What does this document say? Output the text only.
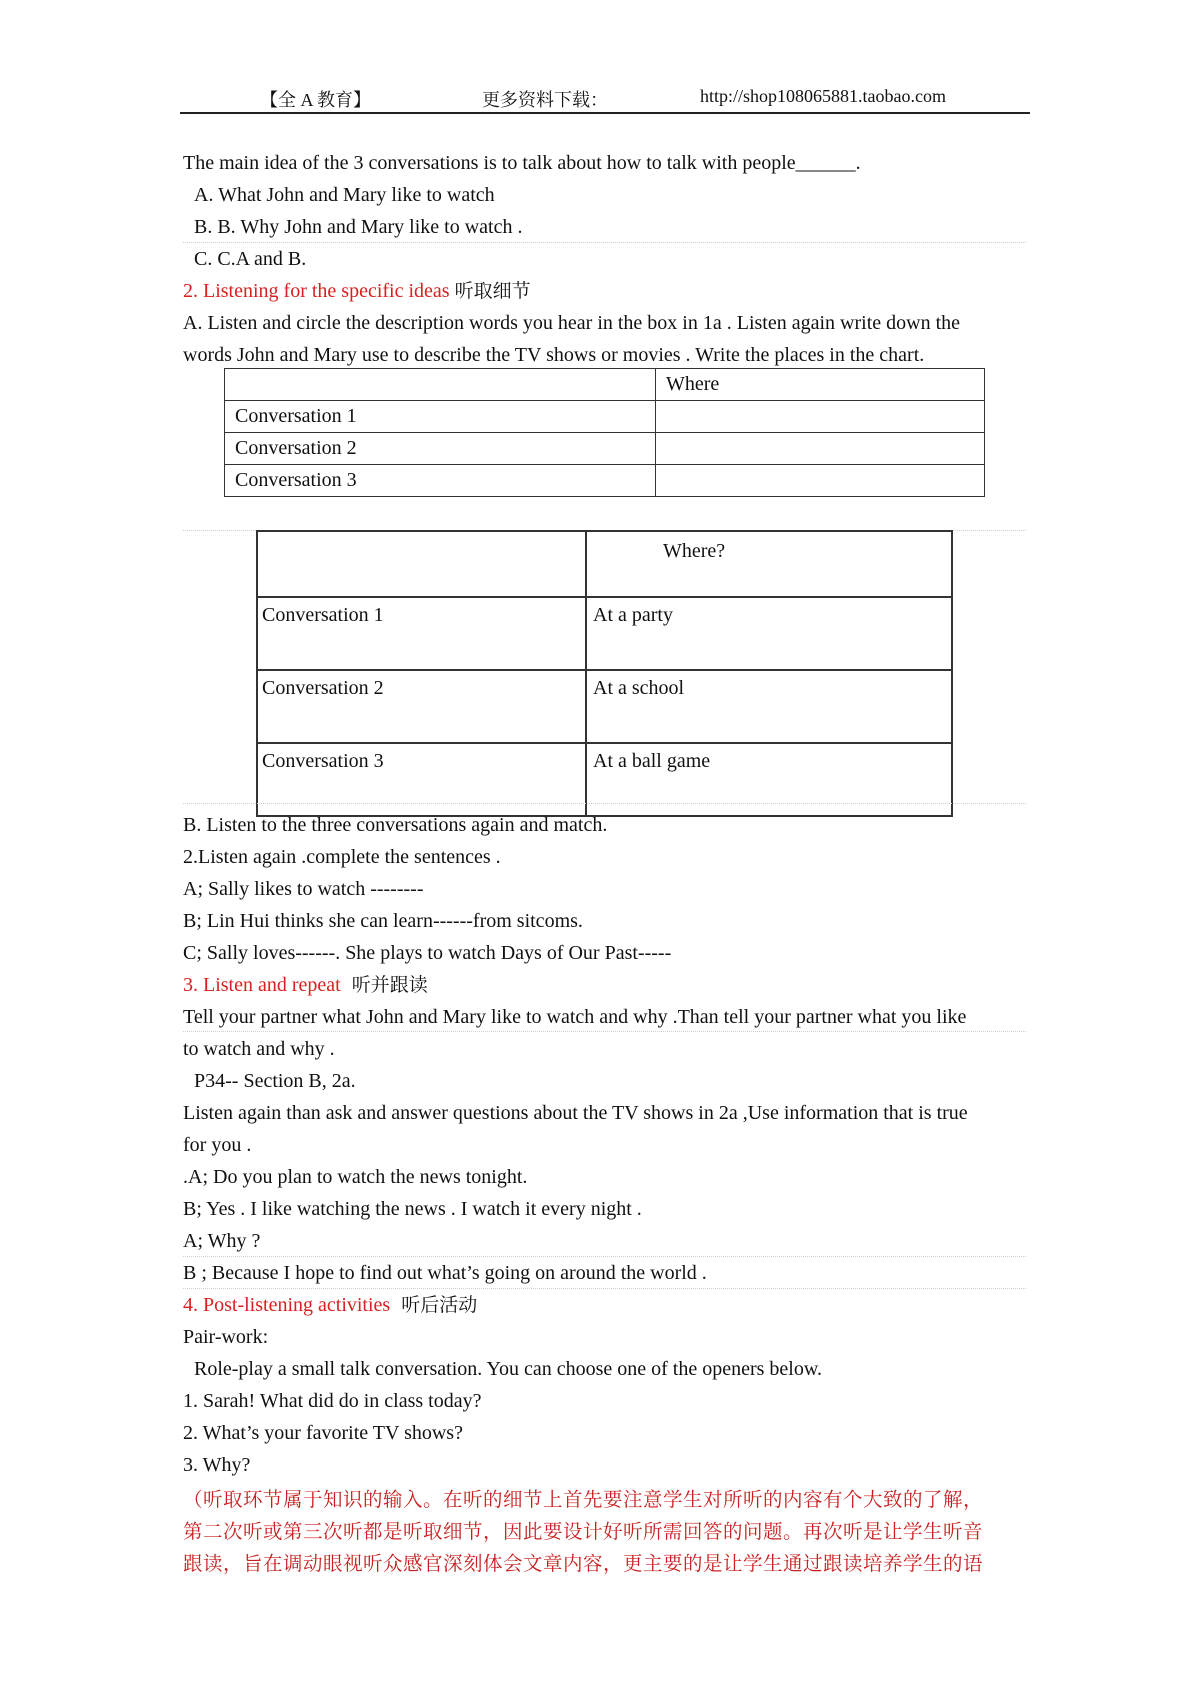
【全 A 教育】	更多资料下载：	http://shop108065881.taobao.com
The main idea of the 3 conversations is to talk about how to talk with people______.
A. What John and Mary like to watch
B. B. Why John and Mary like to watch .
C. C.A and B.
2. Listening for the specific ideas 听取细节
A. Listen and circle the description words you hear in the box in 1a . Listen again write down the
words John and Mary use to describe the TV shows or movies . Write the places in the chart.
	Where
Conversation 1	
Conversation 2	
Conversation 3	

	Where?

Conversation 1	At a party
Conversation 2	At a school
Conversation 3	At a ball game
B. Listen to the three conversations again and match.
2.Listen again .complete the sentences .
A; Sally likes to watch --------
B; Lin Hui thinks she can learn------from sitcoms.
C; Sally loves------. She plays to watch Days of Our Past-----
3. Listen and repeat 听并跟读
Tell your partner what John and Mary like to watch and why .Than tell your partner what you like
to watch and why .
P34-- Section B, 2a.
Listen again than ask and answer questions about the TV shows in 2a ,Use information that is true
for you .
.A; Do you plan to watch the news tonight.
B; Yes . I like watching the news . I watch it every night .
A; Why ?
B ; Because I hope to find out what’s going on around the world .
4. Post-listening activities 听后活动
Pair-work:
Role-play a small talk conversation. You can choose one of the openers below.
1. Sarah! What did do in class today?
2. What’s your favorite TV shows?
3. Why?
（听取环节属于知识的输入。在听的细节上首先要注意学生对所听的内容有个大致的了解，
第二次听或第三次听都是听取细节，因此要设计好听所需回答的问题。再次听是让学生听音
跟读，旨在调动眼视听众感官深刻体会文章内容，更主要的是让学生通过跟读培养学生的语
